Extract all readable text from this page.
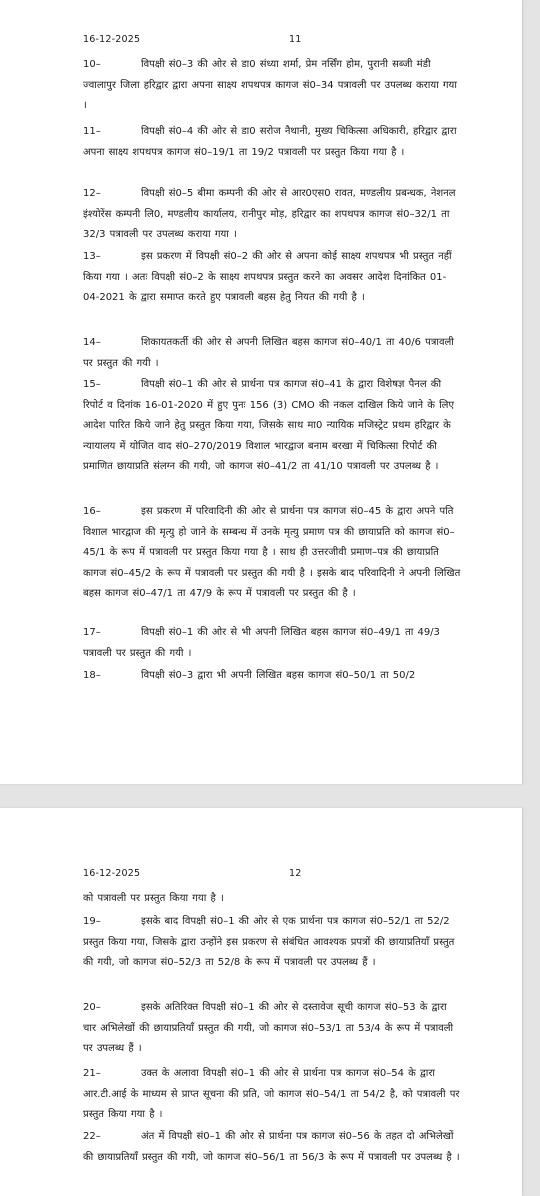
16-12-2025	11
10–	विपक्षी सं0–3 की ओर से डा0 संध्या शर्मा, प्रेम नर्सिंग होम, पुरानी सब्जी मंडी ज्वालापुर जिला हरिद्वार द्वारा अपना साक्ष्य शपथपत्र कागज सं0–34 पत्रावली पर उपलब्ध कराया गया ।
11–	विपक्षी सं0–4 की ओर से डा0 सरोज नैथानी, मुख्य चिकित्सा अधिकारी, हरिद्वार द्वारा अपना साक्ष्य शपथपत्र कागज सं0–19/1 ता 19/2 पत्रावली पर प्रस्तुत किया गया है ।
12–	विपक्षी सं0–5 बीमा कम्पनी की ओर से आर0एस0 रावत, मण्डलीय प्रबन्धक, नेशनल इंश्योरेंस कम्पनी लि0, मण्डलीय कार्यालय, रानीपुर मोड़, हरिद्वार का शपथपत्र कागज सं0–32/1 ता 32/3 पत्रावली पर उपलब्ध कराया गया ।
13–	इस प्रकरण में विपक्षी सं0–2 की ओर से अपना कोई साक्ष्य शपथपत्र भी प्रस्तुत नहीं किया गया । अतः विपक्षी सं0–2 के साक्ष्य शपथपत्र प्रस्तुत करने का अवसर आदेश दिनांकित 01-04-2021 के द्वारा समाप्त करते हुए पत्रावली बहस हेतु नियत की गयी है ।
14–	शिकायतकर्ती की ओर से अपनी लिखित बहस कागज सं0–40/1 ता 40/6 पत्रावली पर प्रस्तुत की गयी ।
15–	विपक्षी सं0–1 की ओर से प्रार्थना पत्र कागज सं0–41 के द्वारा विशेषज्ञ पैनल की रिपोर्ट व दिनांक 16-01-2020 में हुए पुनः 156 (3) CMO की नकल दाखिल किये जाने के लिए आदेश पारित किये जाने हेतु प्रस्तुत किया गया, जिसके साथ मा0 न्यायिक मजिस्ट्रेट प्रथम हरिद्वार के न्यायालय में योजित वाद सं0–270/2019 विशाल भारद्वाज बनाम बरखा में चिकित्सा रिपोर्ट की प्रमाणित छायाप्रति संलग्न की गयी, जो कागज सं0–41/2 ता 41/10 पत्रावली पर उपलब्ध है ।
16–	इस प्रकरण में परिवादिनी की ओर से प्रार्थना पत्र कागज सं0–45 के द्वारा अपने पति विशाल भारद्वाज की मृत्यु हो जाने के सम्बन्ध में उनके मृत्यु प्रमाण पत्र की छायाप्रति को कागज सं0–45/1 के रूप में पत्रावली पर प्रस्तुत किया गया है । साथ ही उत्तरजीवी प्रमाण–पत्र की छायाप्रति कागज सं0–45/2 के रूप में पत्रावली पर प्रस्तुत की गयी है । इसके बाद परिवादिनी ने अपनी लिखित बहस कागज सं0–47/1 ता 47/9 के रूप में पत्रावली पर प्रस्तुत की है ।
17–	विपक्षी सं0–1 की ओर से भी अपनी लिखित बहस कागज सं0–49/1 ता 49/3 पत्रावली पर प्रस्तुत की गयी ।
18–	विपक्षी सं0–3 द्वारा भी अपनी लिखित बहस कागज सं0–50/1 ता 50/2
16-12-2025	12
को पत्रावली पर प्रस्तुत किया गया है ।
19–	इसके बाद विपक्षी सं0–1 की ओर से एक प्रार्थना पत्र कागज सं0–52/1 ता 52/2 प्रस्तुत किया गया, जिसके द्वारा उन्होंने इस प्रकरण से संबंधित आवश्यक प्रपत्रों की छायाप्रतियॉं प्रस्तुत की गयी, जो कागज सं0–52/3 ता 52/8 के रूप में पत्रावली पर उपलब्ध हैं ।
20–	इसके अतिरिक्त विपक्षी सं0–1 की ओर से दस्तावेज सूची कागज सं0–53 के द्वारा चार अभिलेखों की छायाप्रतियॉं प्रस्तुत की गयी, जो कागज सं0–53/1 ता 53/4 के रूप में पत्रावली पर उपलब्ध हैं ।
21–	उक्त के अलावा विपक्षी सं0–1 की ओर से प्रार्थना पत्र कागज सं0–54 के द्वारा आर.टी.आई के माध्यम से प्राप्त सूचना की प्रति, जो कागज सं0–54/1 ता 54/2 है, को पत्रावली पर प्रस्तुत किया गया है ।
22–	अंत में विपक्षी सं0–1 की ओर से प्रार्थना पत्र कागज सं0–56 के तहत दो अभिलेखों की छायाप्रतियॉं प्रस्तुत की गयी, जो कागज सं0–56/1 ता 56/3 के रूप में पत्रावली पर उपलब्ध है ।
